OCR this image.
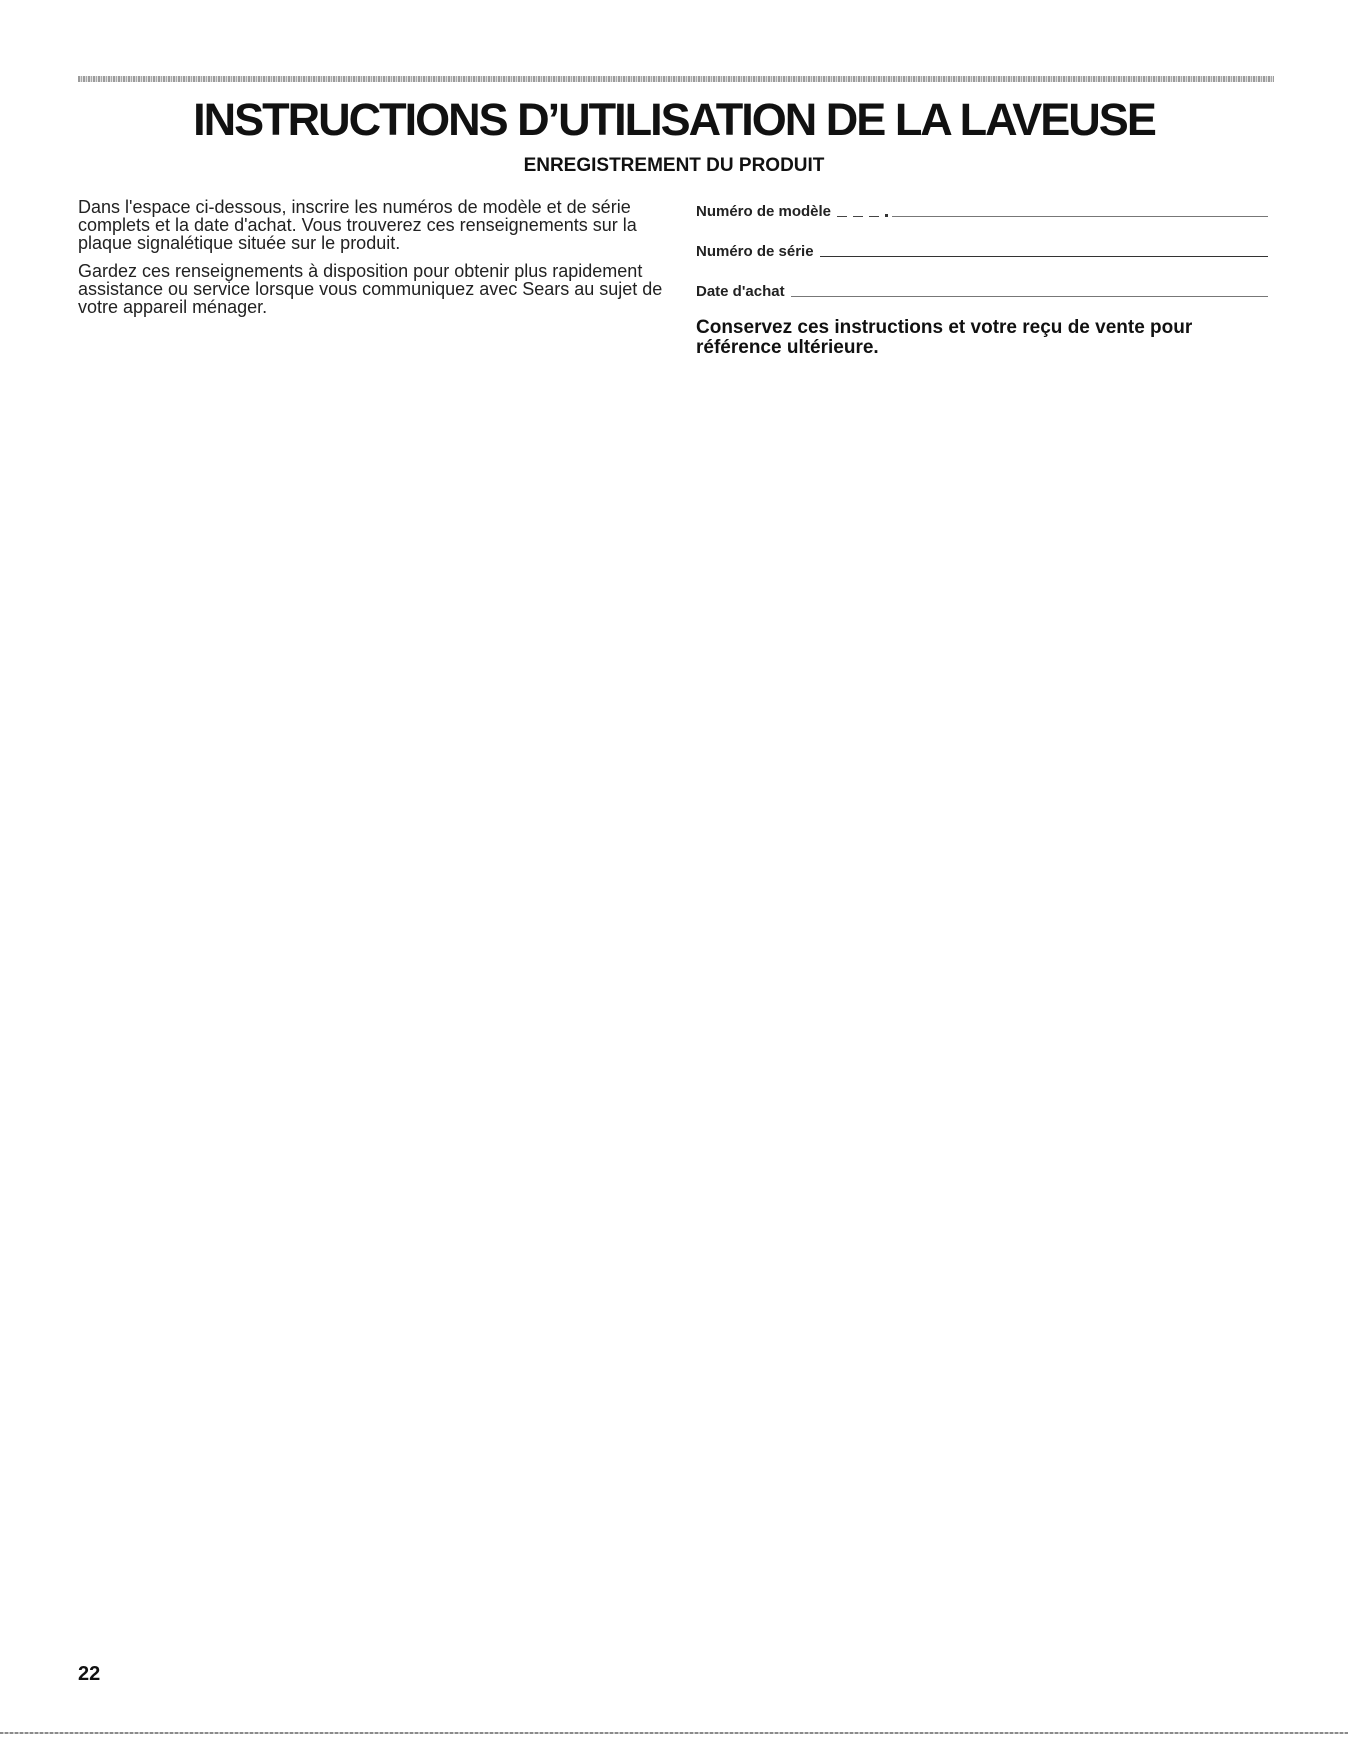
INSTRUCTIONS D’UTILISATION DE LA LAVEUSE
ENREGISTREMENT DU PRODUIT

Dans l'espace ci-dessous, inscrire les numéros de modèle et de série complets et la date d'achat. Vous trouverez ces renseignements sur la plaque signalétique située sur le produit.

Gardez ces renseignements à disposition pour obtenir plus rapidement assistance ou service lorsque vous communiquez avec Sears au sujet de votre appareil ménager.

Numéro de modèle
Numéro de série
Date d'achat

Conservez ces instructions et votre reçu de vente pour référence ultérieure.

22
